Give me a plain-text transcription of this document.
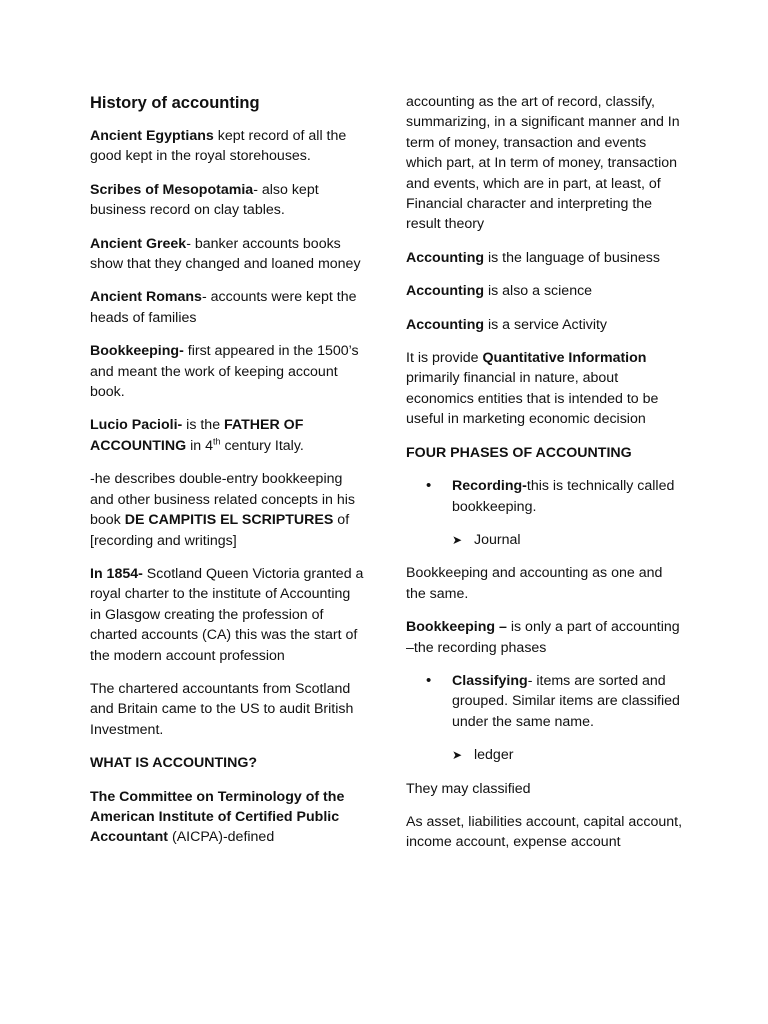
History of accounting

Ancient Egyptians kept record of all the good kept in the royal storehouses.

Scribes of Mesopotamia- also kept business record on clay tables.

Ancient Greek- banker accounts books show that they changed and loaned money

Ancient Romans- accounts were kept the heads of families

Bookkeeping- first appeared in the 1500’s and meant the work of keeping account book.

Lucio Pacioli- is the FATHER OF ACCOUNTING in 4th century Italy.

-he describes double-entry bookkeeping and other business related concepts in his book DE CAMPITIS EL SCRIPTURES of [recording and writings]

In 1854- Scotland Queen Victoria granted a royal charter to the institute of Accounting in Glasgow creating the profession of charted accounts (CA) this was the start of the modern account profession

The chartered accountants from Scotland and Britain came to the US to audit British   Investment.

WHAT IS ACCOUNTING?

The Committee on Terminology of the American Institute of Certified Public Accountant (AICPA)-defined

accounting as the art of record, classify, summarizing, in a significant manner and In term of money, transaction and events which part, at In term of money, transaction and events, which are in part, at least, of Financial character and interpreting the result theory

Accounting is the language of business

Accounting is also a science

Accounting is a service Activity

It is provide Quantitative Information primarily financial in nature, about economics entities that is intended to be useful in marketing economic decision

FOUR PHASES OF ACCOUNTING

• Recording-this is technically called bookkeeping.
➤ Journal

Bookkeeping and accounting as one and the same.

Bookkeeping – is only a part of accounting –the recording phases

• Classifying- items are sorted and grouped. Similar items are classified under the same name.
➤ ledger

They may classified

As asset, liabilities account, capital account, income account, expense account
